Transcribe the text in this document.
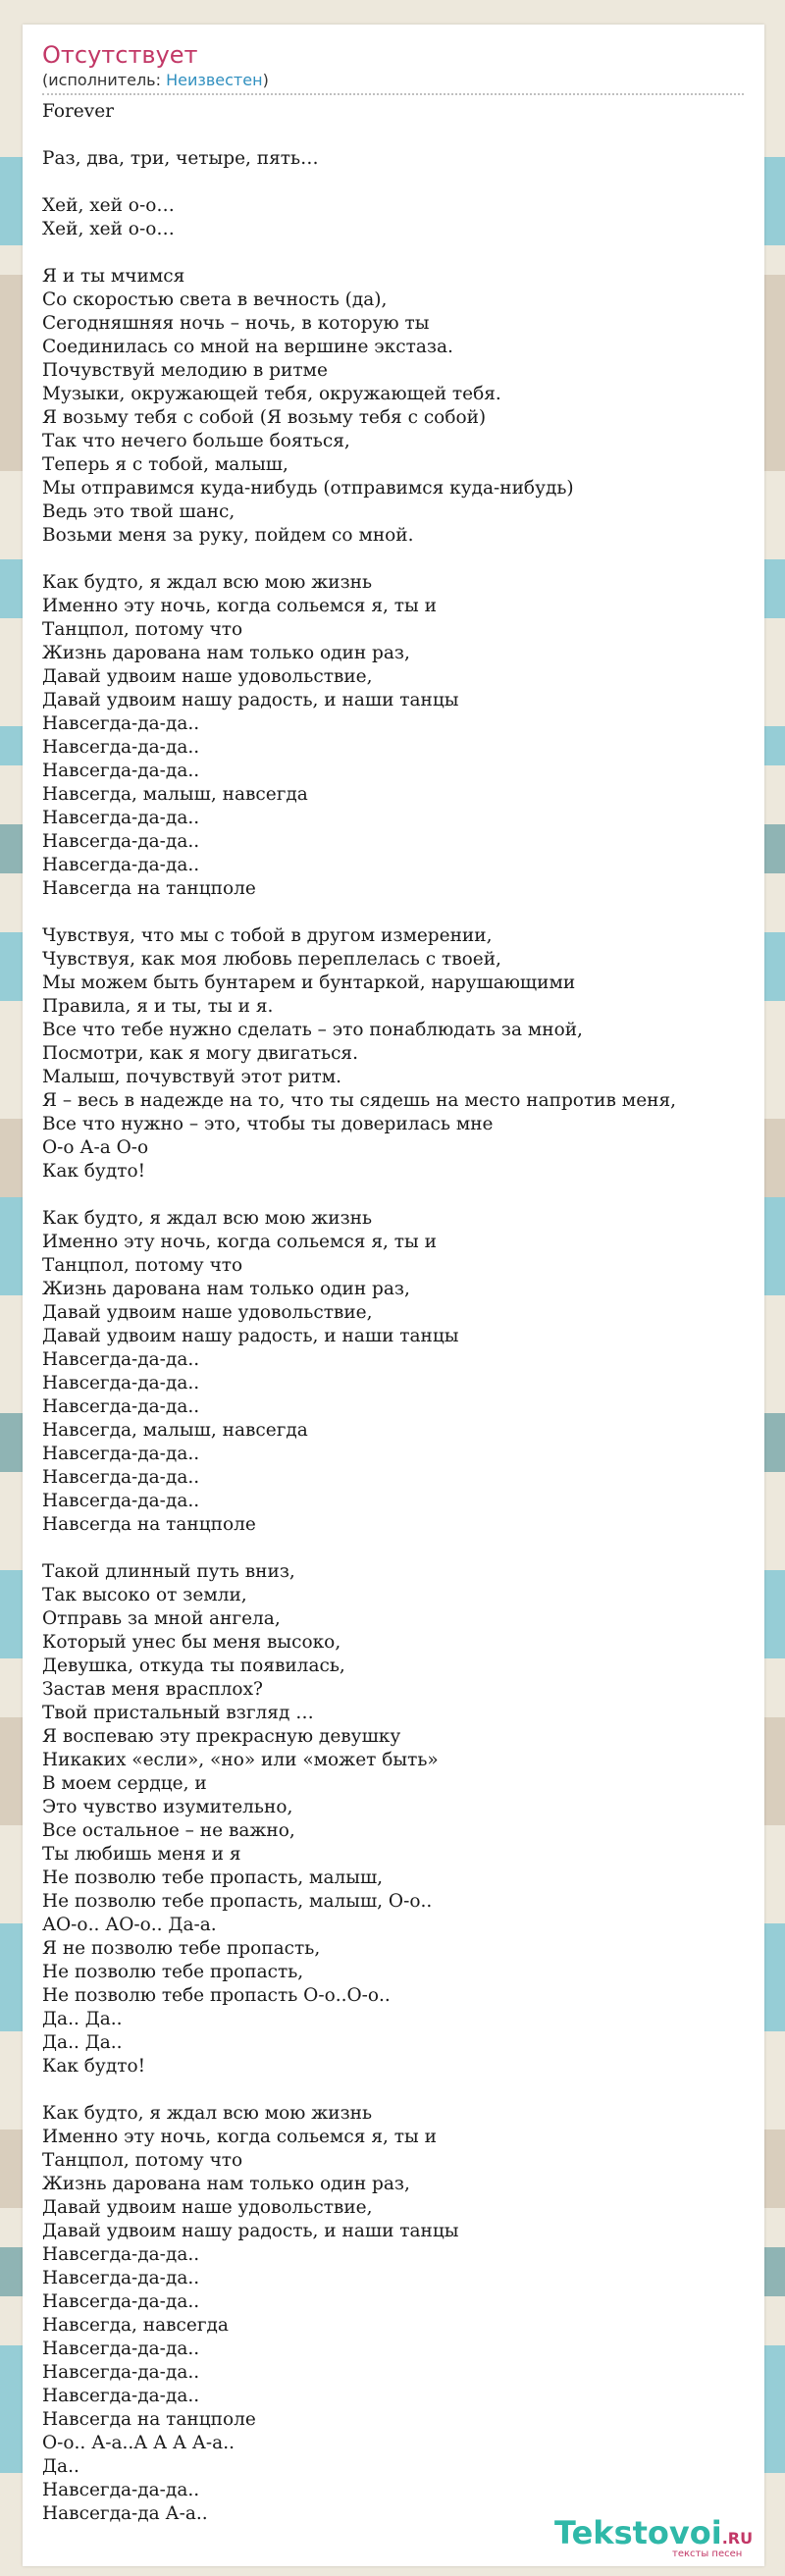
Отсутствует
(исполнитель: Неизвестен)
Forever
Раз, два, три, четыре, пять…
Хей, хей о-о…
Хей, хей о-о…
Я и ты мчимся
Со скоростью света в вечность (да),
Сегодняшняя ночь – ночь, в которую ты
Соединилась со мной на вершине экстаза.
Почувствуй мелодию в ритме
Музыки, окружающей тебя, окружающей тебя.
Я возьму тебя с собой (Я возьму тебя с собой)
Так что нечего больше бояться,
Теперь я с тобой, малыш,
Мы отправимся куда-нибудь (отправимся куда-нибудь)
Ведь это твой шанс,
Возьми меня за руку, пойдем со мной.
Как будто, я ждал всю мою жизнь
Именно эту ночь, когда сольемся я, ты и
Танцпол, потому что
Жизнь дарована нам только один раз,
Давай удвоим наше удовольствие,
Давай удвоим нашу радость, и наши танцы
Навсегда-да-да..
Навсегда-да-да..
Навсегда-да-да..
Навсегда, малыш, навсегда
Навсегда-да-да..
Навсегда-да-да..
Навсегда-да-да..
Навсегда на танцполе
Чувствуя, что мы с тобой в другом измерении,
Чувствуя, как моя любовь переплелась с твоей,
Мы можем быть бунтарем и бунтаркой, нарушающими
Правила, я и ты, ты и я.
Все что тебе нужно сделать – это понаблюдать за мной,
Посмотри, как я могу двигаться.
Малыш, почувствуй этот ритм.
Я – весь в надежде на то, что ты сядешь на место напротив меня,
Все что нужно – это, чтобы ты доверилась мне
О-о А-а О-о
Как будто!
Как будто, я ждал всю мою жизнь
Именно эту ночь, когда сольемся я, ты и
Танцпол, потому что
Жизнь дарована нам только один раз,
Давай удвоим наше удовольствие,
Давай удвоим нашу радость, и наши танцы
Навсегда-да-да..
Навсегда-да-да..
Навсегда-да-да..
Навсегда, малыш, навсегда
Навсегда-да-да..
Навсегда-да-да..
Навсегда-да-да..
Навсегда на танцполе
Такой длинный путь вниз,
Так высоко от земли,
Отправь за мной ангела,
Который унес бы меня высоко,
Девушка, откуда ты появилась,
Застав меня врасплох?
Твой пристальный взгляд …
Я воспеваю эту прекрасную девушку
Никаких «если», «но» или «может быть»
В моем сердце, и
Это чувство изумительно,
Все остальное – не важно,
Ты любишь меня и я
Не позволю тебе пропасть, малыш,
Не позволю тебе пропасть, малыш, О-о..
АО-о.. АО-о.. Да-а.
Я не позволю тебе пропасть,
Не позволю тебе пропасть,
Не позволю тебе пропасть О-о..О-о..
Да.. Да..
Да.. Да..
Как будто!
Как будто, я ждал всю мою жизнь
Именно эту ночь, когда сольемся я, ты и
Танцпол, потому что
Жизнь дарована нам только один раз,
Давай удвоим наше удовольствие,
Давай удвоим нашу радость, и наши танцы
Навсегда-да-да..
Навсегда-да-да..
Навсегда-да-да..
Навсегда, навсегда
Навсегда-да-да..
Навсегда-да-да..
Навсегда-да-да..
Навсегда на танцполе
О-о.. А-а..А А А А-а..
Да..
Навсегда-да-да..
Навсегда-да А-а..
Tekstovoi.RU
тексты песен
